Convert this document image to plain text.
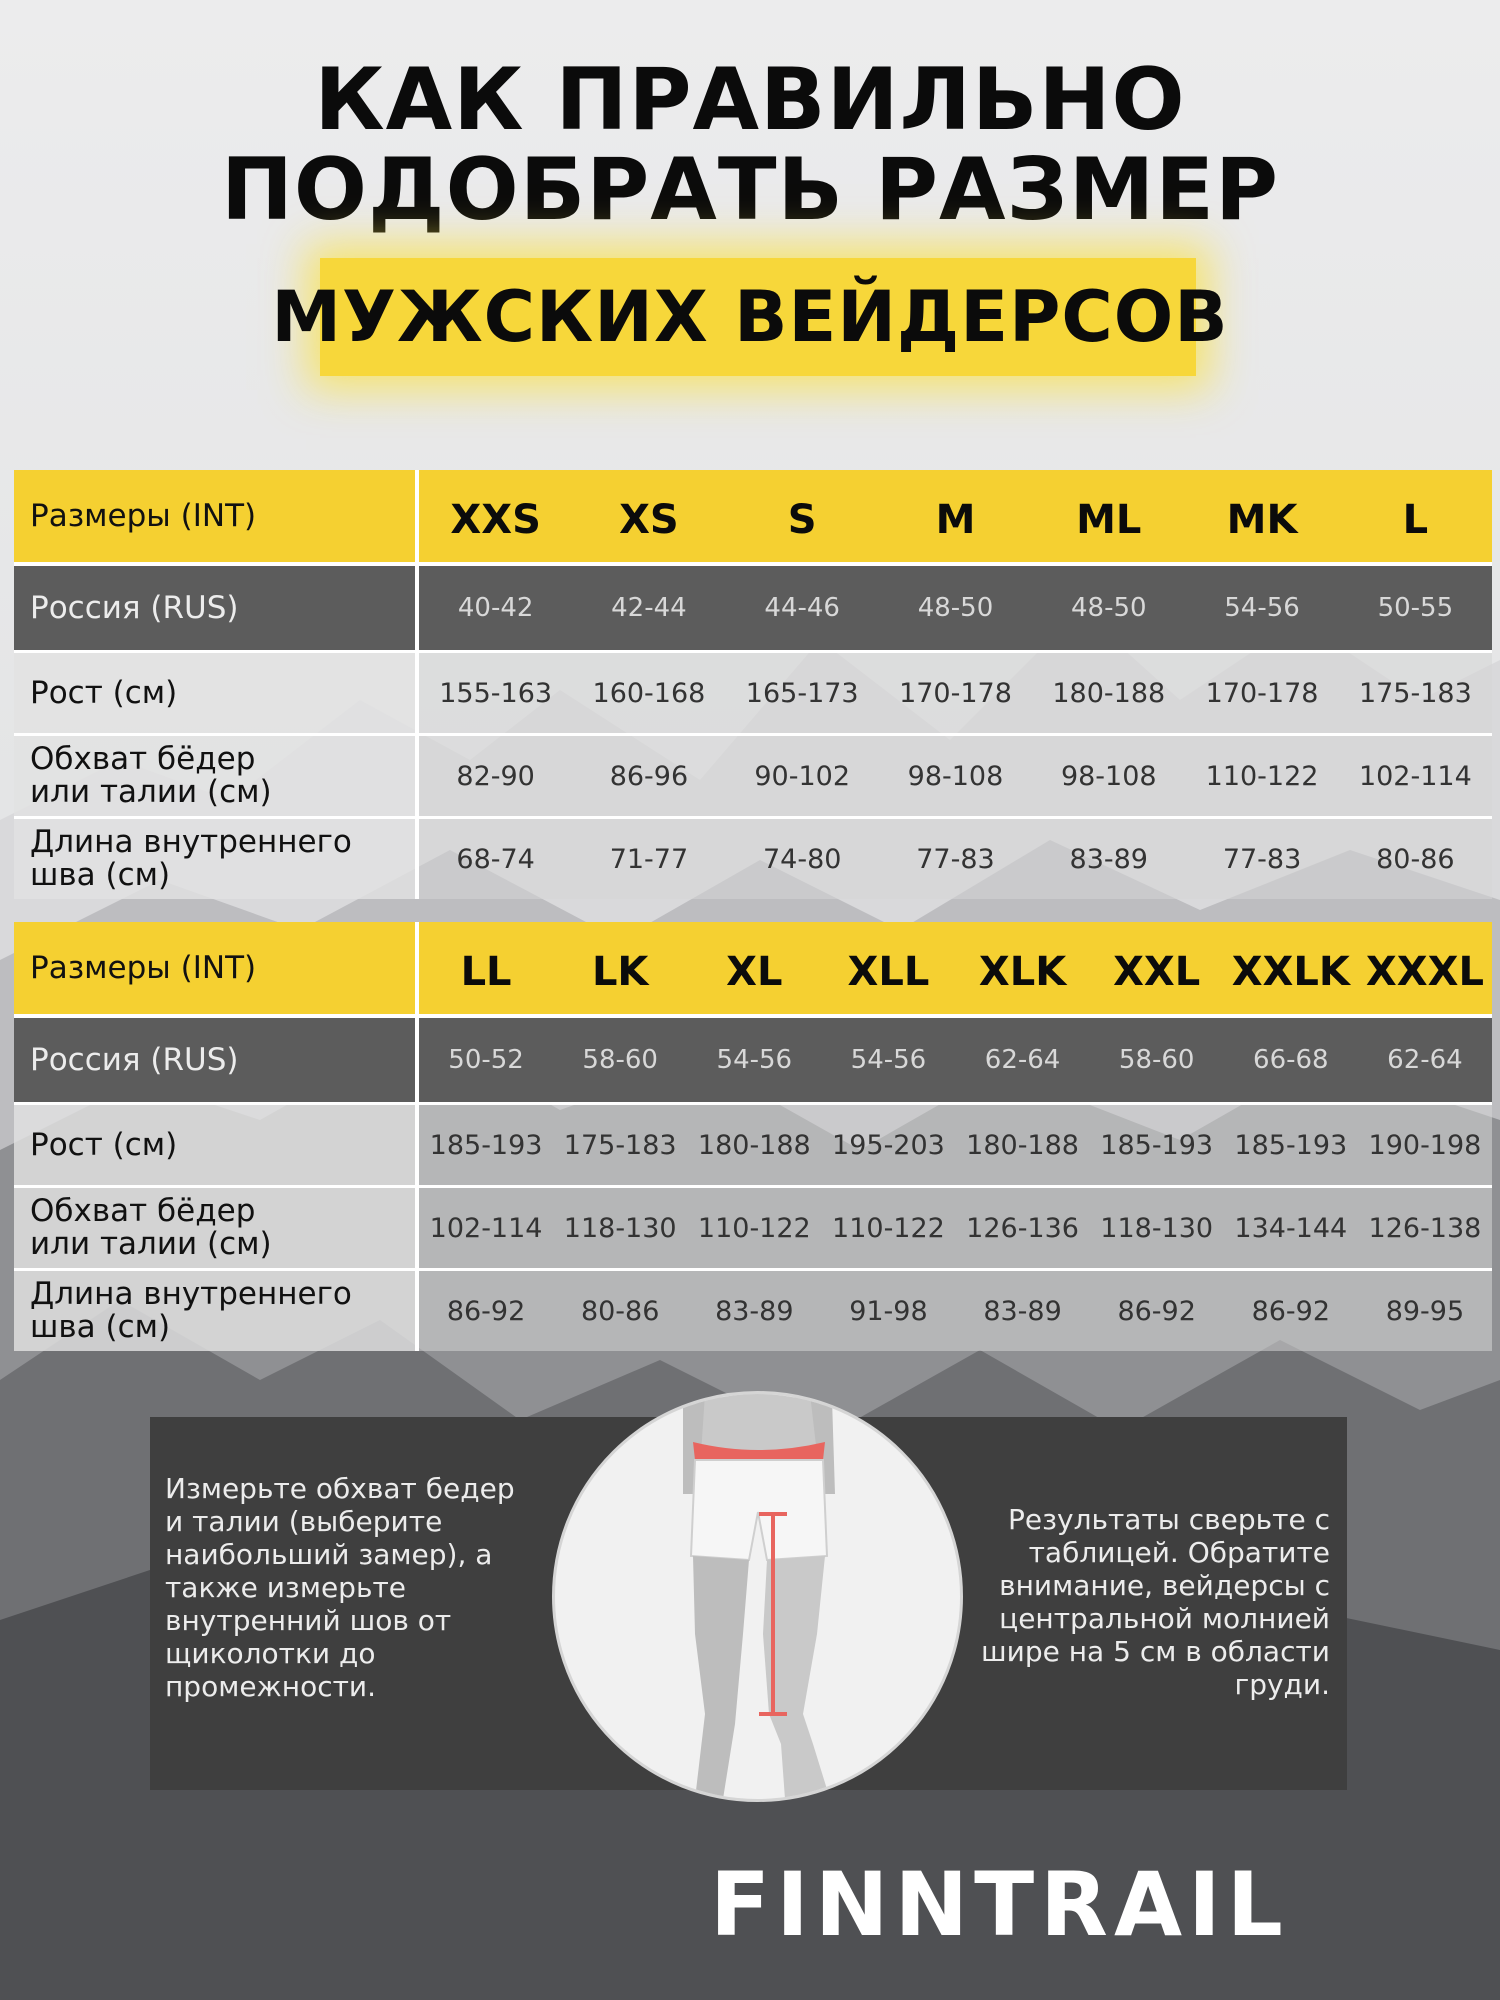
КАК ПРАВИЛЬНО
ПОДОБРАТЬ РАЗМЕР
МУЖСКИХ ВЕЙДЕРСОВ
Размеры (INT)	XXS	XS	S	M	ML	MK	L
Россия (RUS)	40-42	42-44	44-46	48-50	48-50	54-56	50-55
Рост (см)	155-163	160-168	165-173	170-178	180-188	170-178	175-183
Обхват бёдер
или талии (см)	82-90	86-96	90-102	98-108	98-108	110-122	102-114
Длина внутреннего
шва (см)	68-74	71-77	74-80	77-83	83-89	77-83	80-86
Размеры (INT)	LL	LK	XL	XLL	XLK	XXL	XXLK	XXXL
Россия (RUS)	50-52	58-60	54-56	54-56	62-64	58-60	66-68	62-64
Рост (см)	185-193	175-183	180-188	195-203	180-188	185-193	185-193	190-198
Обхват бёдер
или талии (см)	102-114	118-130	110-122	110-122	126-136	118-130	134-144	126-138
Длина внутреннего
шва (см)	86-92	80-86	83-89	91-98	83-89	86-92	86-92	89-95
Измерьте обхват бедер и талии (выберите наибольший замер), а также измерьте внутренний шов от щиколотки до промежности.
Результаты сверьте с таблицей. Обратите внимание, вейдерсы с центральной молнией шире на 5 см в области груди.
FINNTRAIL
